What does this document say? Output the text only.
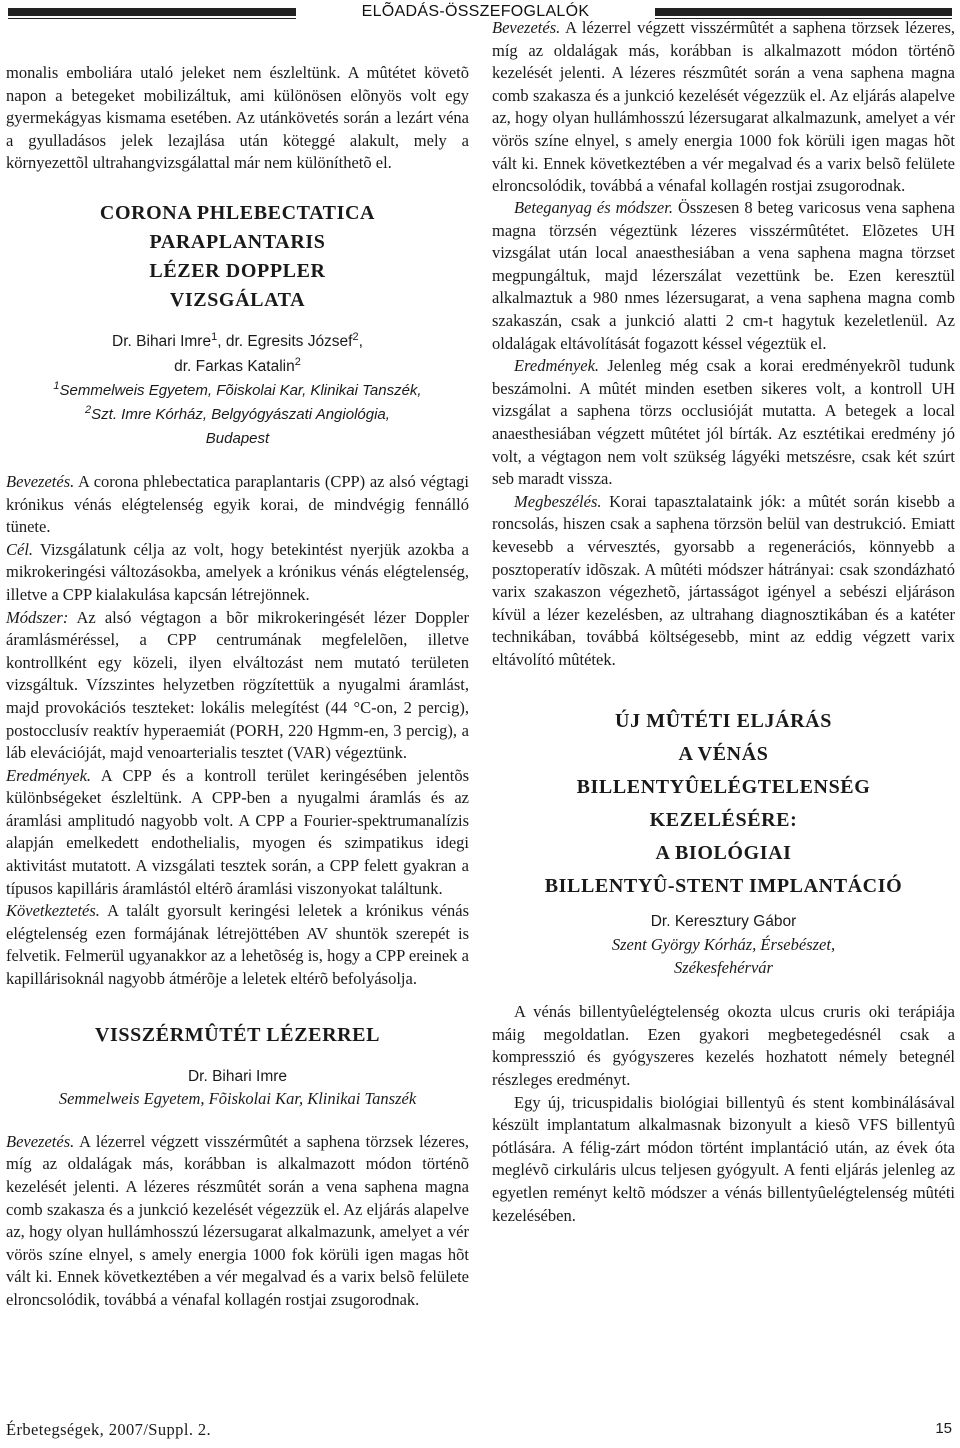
ELÕADÁS-ÖSSZEFOGLALÓK

monalis emboliára utaló jeleket nem észleltünk. A mûtétet követõ napon a betegeket mobilizáltuk, ami különösen elõnyös volt egy gyermekágyas kismama esetében. Az utánkövetés során a lezárt véna a gyulladásos jelek lezajlása után köteggé alakult, mely a környezettõl ultrahangvizsgálattal már nem különíthetõ el.

CORONA PHLEBECTATICA

PARAPLANTARIS

LÉZER DOPPLER

VIZSGÁLATA

Dr. Bihari Imre$^1$, dr. Egresits József$^2$,

dr. Farkas Katalin$^2$

$^1$Semmelweis Egyetem, Fõiskolai Kar, Klinikai Tanszék,

$^2$Szt. Imre Kórház, Belgyógyászati Angiológia,

Budapest

Bevezetés. A corona phlebectatica paraplantaris (CPP) az alsó végtagi krónikus vénás elégtelenség egyik korai, de mindvégig fennálló tünete.

Cél. Vizsgálatunk célja az volt, hogy betekintést nyerjük azokba a mikrokeringési változásokba, amelyek a krónikus vénás elégtelenség, illetve a CPP kialakulása kapcsán létrejönnek.

Módszer: Az alsó végtagon a bõr mikrokeringését lézer Doppler áramlásméréssel, a CPP centrumának megfelelõen, illetve kontrollként egy közeli, ilyen elváltozást nem mutató területen vizsgáltuk. Vízszintes helyzetben rögzítettük a nyugalmi áramlást, majd provokációs teszteket: lokális melegítést (44 °C-on, 2 percig), postocclusív reaktív hyperaemiát (PORH, 220 Hgmm-en, 3 percig), a láb elevációját, majd venoarterialis tesztet (VAR) végeztünk.

Eredmények. A CPP és a kontroll terület keringésében jelentõs különbségeket észleltünk. A CPP-ben a nyugalmi áramlás és az áramlási amplitudó nagyobb volt. A CPP a Fourier-spektrumanalízis alapján emelkedett endothelialis, myogen és szimpatikus idegi aktivitást mutatott. A vizsgálati tesztek során, a CPP felett gyakran a típusos kapilláris áramlástól eltérõ áramlási viszonyokat találtunk.

Következtetés. A talált gyorsult keringési leletek a krónikus vénás elégtelenség ezen formájának létrejöttében AV shuntök szerepét is felvetik. Felmerül ugyanakkor az a lehetõség is, hogy a CPP ereinek a kapillárisoknál nagyobb átmérõje a leletek eltérõ befolyásolja.

VISSZÉRMÛTÉT LÉZERREL

Dr. Bihari Imre

Semmelweis Egyetem, Fõiskolai Kar, Klinikai Tanszék

Bevezetés. A lézerrel végzett visszérmûtét a saphena törzsek lézeres, míg az oldalágak más, korábban is alkalmazott módon történõ kezelését jelenti. A lézeres részmûtét során a vena saphena magna comb szakasza és a junkció kezelését végezzük el. Az eljárás alapelve az, hogy olyan hullámhosszú lézersugarat alkalmazunk, amelyet a vér vörös színe elnyel, s amely energia 1000 fok körüli igen magas hõt vált ki. Ennek következtében a vér megalvad és a varix belsõ felülete elroncsolódik, továbbá a vénafal kollagén rostjai zsugorodnak.

Bevezetés. A lézerrel végzett visszérmûtét a saphena törzsek lézeres, míg az oldalágak más, korábban is alkalmazott módon történõ kezelését jelenti. A lézeres részmûtét során a vena saphena magna comb szakasza és a junkció kezelését végezzük el. Az eljárás alapelve az, hogy olyan hullámhosszú lézersugarat alkalmazunk, amelyet a vér vörös színe elnyel, s amely energia 1000 fok körüli igen magas hõt vált ki. Ennek következtében a vér megalvad és a varix belsõ felülete elroncsolódik, továbbá a vénafal kollagén rostjai zsugorodnak.

Beteganyag és módszer. Összesen 8 beteg varicosus vena saphena magna törzsén végeztünk lézeres visszérmûtétet. Elõzetes UH vizsgálat után local anaesthesiában a vena saphena magna törzset megpungáltuk, majd lézerszálat vezettünk be. Ezen keresztül alkalmaztuk a 980 nmes lézersugarat, a vena saphena magna comb szakaszán, csak a junkció alatti 2 cm-t hagytuk kezeletlenül. Az oldalágak eltávolítását fogazott késsel végeztük el.

Eredmények. Jelenleg még csak a korai eredményekrõl tudunk beszámolni. A mûtét minden esetben sikeres volt, a kontroll UH vizsgálat a saphena törzs occlusióját mutatta. A betegek a local anaesthesiában végzett mûtétet jól bírták. Az esztétikai eredmény jó volt, a végtagon nem volt szükség lágyéki metszésre, csak két szúrt seb maradt vissza.

Megbeszélés. Korai tapasztalataink jók: a mûtét során kisebb a roncsolás, hiszen csak a saphena törzsön belül van destrukció. Emiatt kevesebb a vérvesztés, gyorsabb a regenerációs, könnyebb a posztoperatív idõszak. A mûtéti módszer hátrányai: csak szondázható varix szakaszon végezhetõ, jártasságot igényel a sebészi eljáráson kívül a lézer kezelésben, az ultrahang diagnosztikában és a katéter technikában, továbbá költségesebb, mint az eddig végzett varix eltávolító mûtétek.

ÚJ MÛTÉTI ELJÁRÁS

A VÉNÁS

BILLENTYÛELÉGTELENSÉG

KEZELÉSÉRE:

A BIOLÓGIAI

BILLENTYÛ-STENT IMPLANTÁCIÓ

Dr. Keresztury Gábor

Szent György Kórház, Érsebészet,

Székesfehérvár

A vénás billentyûelégtelenség okozta ulcus cruris oki terápiája máig megoldatlan. Ezen gyakori megbetegedésnél csak a kompresszió és gyógyszeres kezelés hozhatott némely betegnél részleges eredményt.

Egy új, tricuspidalis biológiai billentyû és stent kombinálásával készült implantatum alkalmasnak bizonyult a kiesõ VFS billentyû pótlására. A félig-zárt módon történt implantáció után, az évek óta meglévõ cirkuláris ulcus teljesen gyógyult. A fenti eljárás jelenleg az egyetlen reményt keltõ módszer a vénás billentyûelégtelenség mûtéti kezelésében.

Érbetegségek, 2007/Suppl. 2.	15
